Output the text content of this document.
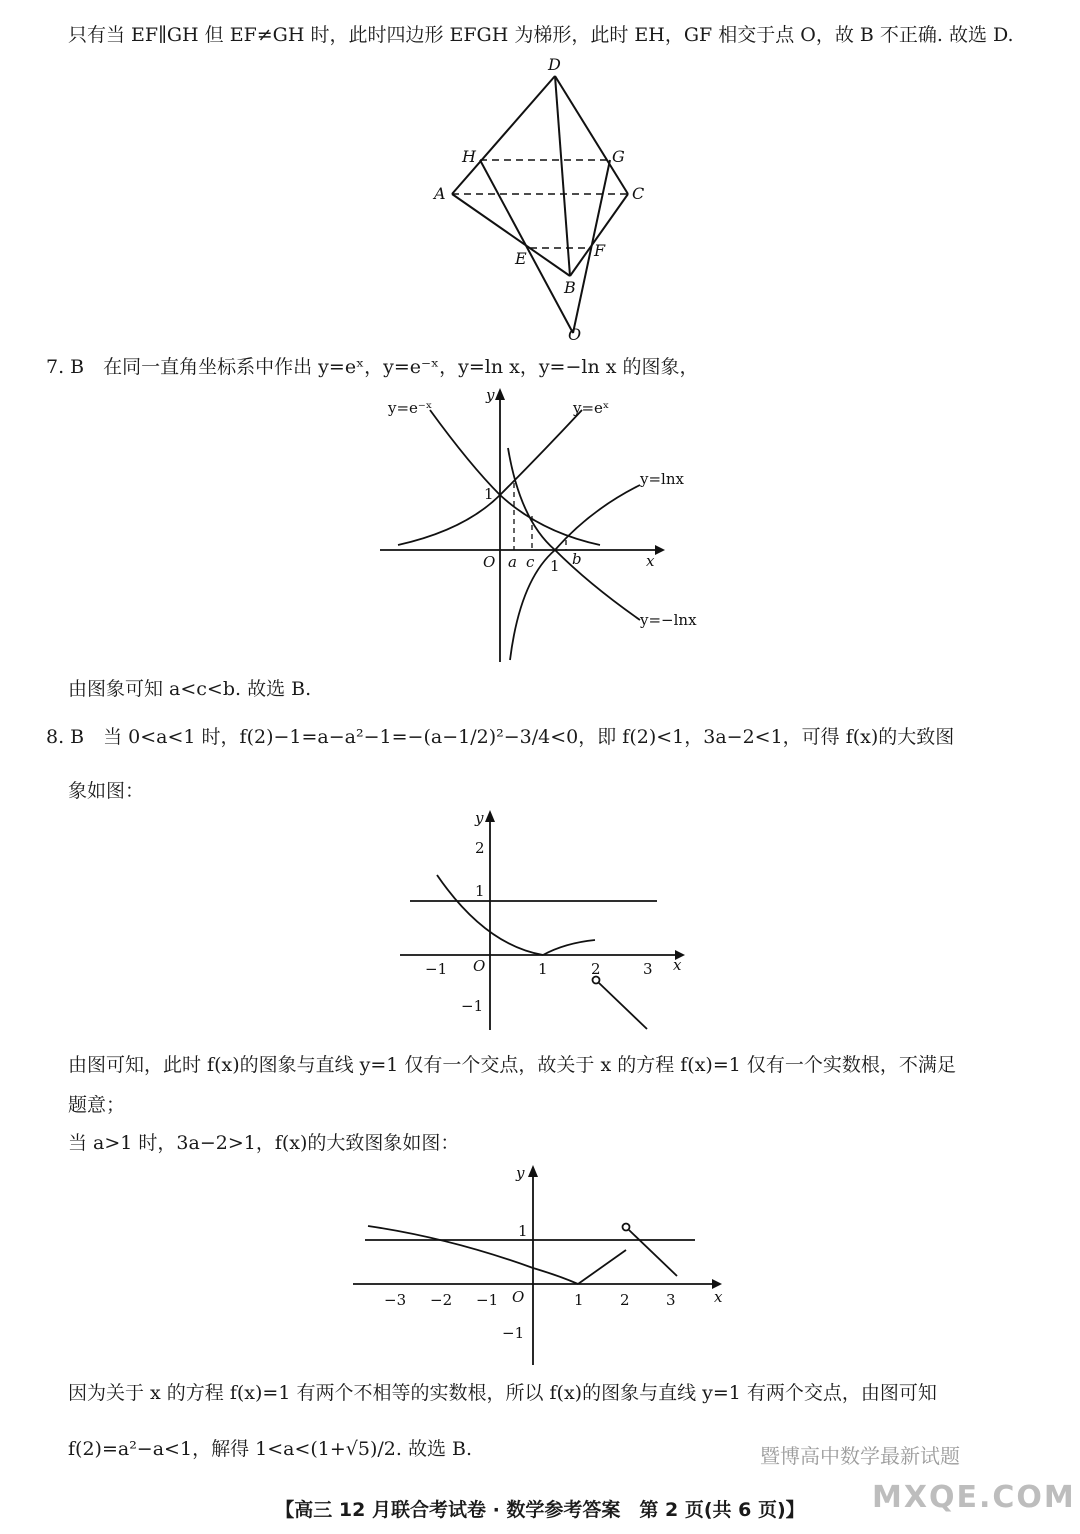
只有当 EF∥GH 但 EF≠GH 时，此时四边形 EFGH 为梯形，此时 EH，GF 相交于点 O，故 B 不正确. 故选 D.
7. B　在同一直角坐标系中作出 y=eˣ，y=e⁻ˣ，y=ln x，y=−ln x 的图象，
由图象可知 a<c<b. 故选 B.
8. B　当 0<a<1 时，f(2)−1=a−a²−1=−(a−1/2)²−3/4<0，即 f(2)<1，3a−2<1，可得 f(x)的大致图
象如图：
由图可知，此时 f(x)的图象与直线 y=1 仅有一个交点，故关于 x 的方程 f(x)=1 仅有一个实数根，不满足
题意；
当 a>1 时，3a−2>1，f(x)的大致图象如图：
因为关于 x 的方程 f(x)=1 有两个不相等的实数根，所以 f(x)的图象与直线 y=1 有两个交点，由图可知
f(2)=a²−a<1，解得 1<a<(1+√5)/2. 故选 B.
D
H	G
A	C
E	F
B
O
y
x
O
1
a c 1 b
y=eˣ
y=e⁻ˣ
y=lnx
y=−lnx
y
x
O
2
1
−1
−1	1	2	3
y
x
O
1
−1
−3 −2 −1	1 2 3
暨博高中数学最新试题
MXQE.COM
【高三 12 月联合考试卷 · 数学参考答案　第 2 页(共 6 页)】
